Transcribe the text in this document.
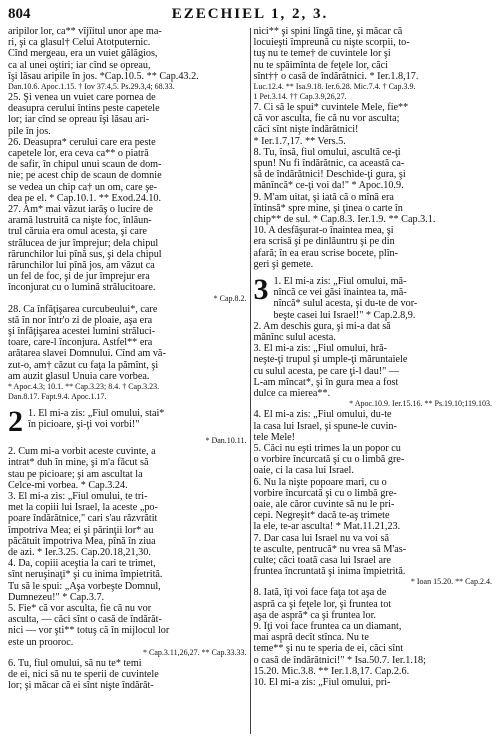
804	EZECHIEL 1, 2, 3.

aripilor lor, ca** vîjîitul unor ape ma-

ri, şi ca glasul† Celui Atotputernic.

Cînd mergeau, era un vuiet gălăgios,

ca al unei oştiri; iar cînd se opreau,

îşi lăsau aripile în jos. *Cap.10.5. ** Cap.43.2.

Dan.10.6. Apoc.1.15. † Iov 37.4,5. Ps.29.3,4; 68.33.

25. Şi venea un vuiet care pornea de

deasupra cerului întins peste capetele

lor; iar cînd se opreau îşi lăsau ari-

pile în jos.

26. Deasupra* cerului care era peste

capetele lor, era ceva ca** o piatră

de safir, în chipul unui scaun de dom-

nie; pe acest chip de scaun de domnie

se vedea un chip ca† un om, care şe-

dea pe el. * Cap.10.1. ** Exod.24.10.

27. Am* mai văzut iarăş o lucire de

aramă lustruită ca nişte foc, înlăun-

trul căruia era omul acesta, şi care

strălucea de jur împrejur; dela chipul

rărunchilor lui pînă sus, şi dela chipul

rărunchilor lui pînă jos, am văzut ca

un fel de foc, şi de jur împrejur era

înconjurat cu o lumină strălucitoare.

* Cap.8.2.

28. Ca înfăţişarea curcubeului*, care

stă în nor într'o zi de ploaie, aşa era

şi înfăţişarea acestei lumini străluci-

toare, care-l înconjura. Astfel** era

arătarea slavei Domnului. Cînd am vă-

zut-o, am† căzut cu faţa la pămînt, şi

am auzit glasul Unuia care vorbea.

* Apoc.4.3; 10.1. ** Cap.3.23; 8.4. † Cap.3.23.

Dan.8.17. Fapt.9.4. Apoc.1.17.

2 1. El mi-a zis: „Fiul omului, stai*

în picioare, şi-ţi voi vorbi!"

* Dan.10.11.

2. Cum mi-a vorbit aceste cuvinte, a

intrat* duh în mine, şi m'a făcut să

stau pe picioare; şi am ascultat la

Celce-mi vorbea. * Cap.3.24.

3. El mi-a zis: „Fiul omului, te tri-

met la copiii lui Israel, la aceste „po-

poare îndărătnice," cari s'au răzvrătit

împotriva Mea; ei şi părinţii lor* au

păcătuit împotriva Mea, pînă în ziua

de azi. * Ier.3.25. Cap.20.18,21,30.

4. Da, copiii aceştia la cari te trimet,

sînt neruşinaţi* şi cu inima împietrită.

Tu să le spui: „Aşa vorbeşte Domnul,

Dumnezeu!" * Cap.3.7.

5. Fie* că vor asculta, fie că nu vor

asculta, — căci sînt o casă de îndărăt-

nici — vor şti** totuş că în mijlocul lor

este un prooroc.

* Cap.3.11,26,27. ** Cap.33.33.

6. Tu, fiul omului, să nu te* temi

de ei, nici să nu te sperii de cuvintele

lor; şi măcar că ei sînt nişte îndărăt-

nici** şi spini lîngă tine, şi măcar că

locuieşti împreună cu nişte scorpii, to-

tuş nu te teme† de cuvintele lor şi

nu te spăimînta de feţele lor, căci

sînt†† o casă de îndărătnici. * Ier.1.8,17.

Luc.12.4. ** Isa.9.18. Ier.6.28. Mic.7.4. † Cap.3.9.

1 Pet.3.14. †† Cap.3.9,26,27.

7. Ci să le spui* cuvintele Mele, fie**

că vor asculta, fie că nu vor asculta;

căci sînt nişte îndărătnici!

* Ier.1.7,17. ** Vers.5.

8. Tu, însă, fiul omului, ascultă ce-ţi

spun! Nu fi îndărătnic, ca această ca-

să de îndărătnici! Deschide-ţi gura, şi

mănîncă* ce-ţi voi da!" * Apoc.10.9.

9. M'am uitat, şi iată că o mînă era

întinsă* spre mine, şi ţinea o carte în

chip** de sul. * Cap.8.3. Ier.1.9. ** Cap.3.1.

10. A desfăşurat-o înaintea mea, şi

era scrisă şi pe dinlăuntru şi pe din

afară; în ea erau scrise bocete, plîn-

geri şi gemete.

3 1. El mi-a zis: „Fiul omului, mă-

nîncă ce vei găsi înaintea ta, mă-

nîncă* sulul acesta, şi du-te de vor-

beşte casei lui Israel!" * Cap.2.8,9.

2. Am deschis gura, şi mi-a dat să

mănînc sulul acesta.

3. El mi-a zis: „Fiul omului, hră-

neşte-ţi trupul şi umple-ţi măruntaiele

cu sulul acesta, pe care ţi-l dau!" —

L-am mîncat*, şi în gura mea a fost

dulce ca mierea**.

* Apoc.10.9. Ier.15.16. ** Ps.19.10;119.103.

4. El mi-a zis: „Fiul omului, du-te

la casa lui Israel, şi spune-le cuvin-

tele Mele!

5. Căci nu eşti trimes la un popor cu

o vorbire încurcată şi cu o limbă gre-

oaie, ci la casa lui Israel.

6. Nu la nişte popoare mari, cu o

vorbire încurcată şi cu o limbă gre-

oaie, ale căror cuvinte să nu le pri-

cepi. Negreşit* dacă te-aş trimete

la ele, te-ar asculta! * Mat.11.21,23.

7. Dar casa lui Israel nu va voi să

te asculte, pentrucă* nu vrea să M'as-

culte; căci toată casa lui Israel are

fruntea încruntată şi inima împietrită.

* Ioan 15.20. ** Cap.2.4.

8. Iată, îţi voi face faţa tot aşa de

aspră ca şi feţele lor, şi fruntea tot

aşa de aspră* ca şi fruntea lor.

9. Îţi voi face fruntea ca un diamant,

mai aspră decît stînca. Nu te

teme** şi nu te speria de ei, căci sînt

o casă de îndărătnici!" * Isa.50.7. Ier.1.18;

15.20. Mic.3.8. ** Ier.1.8,17. Cap.2.6.

10. El mi-a zis: „Fiul omului, pri-
